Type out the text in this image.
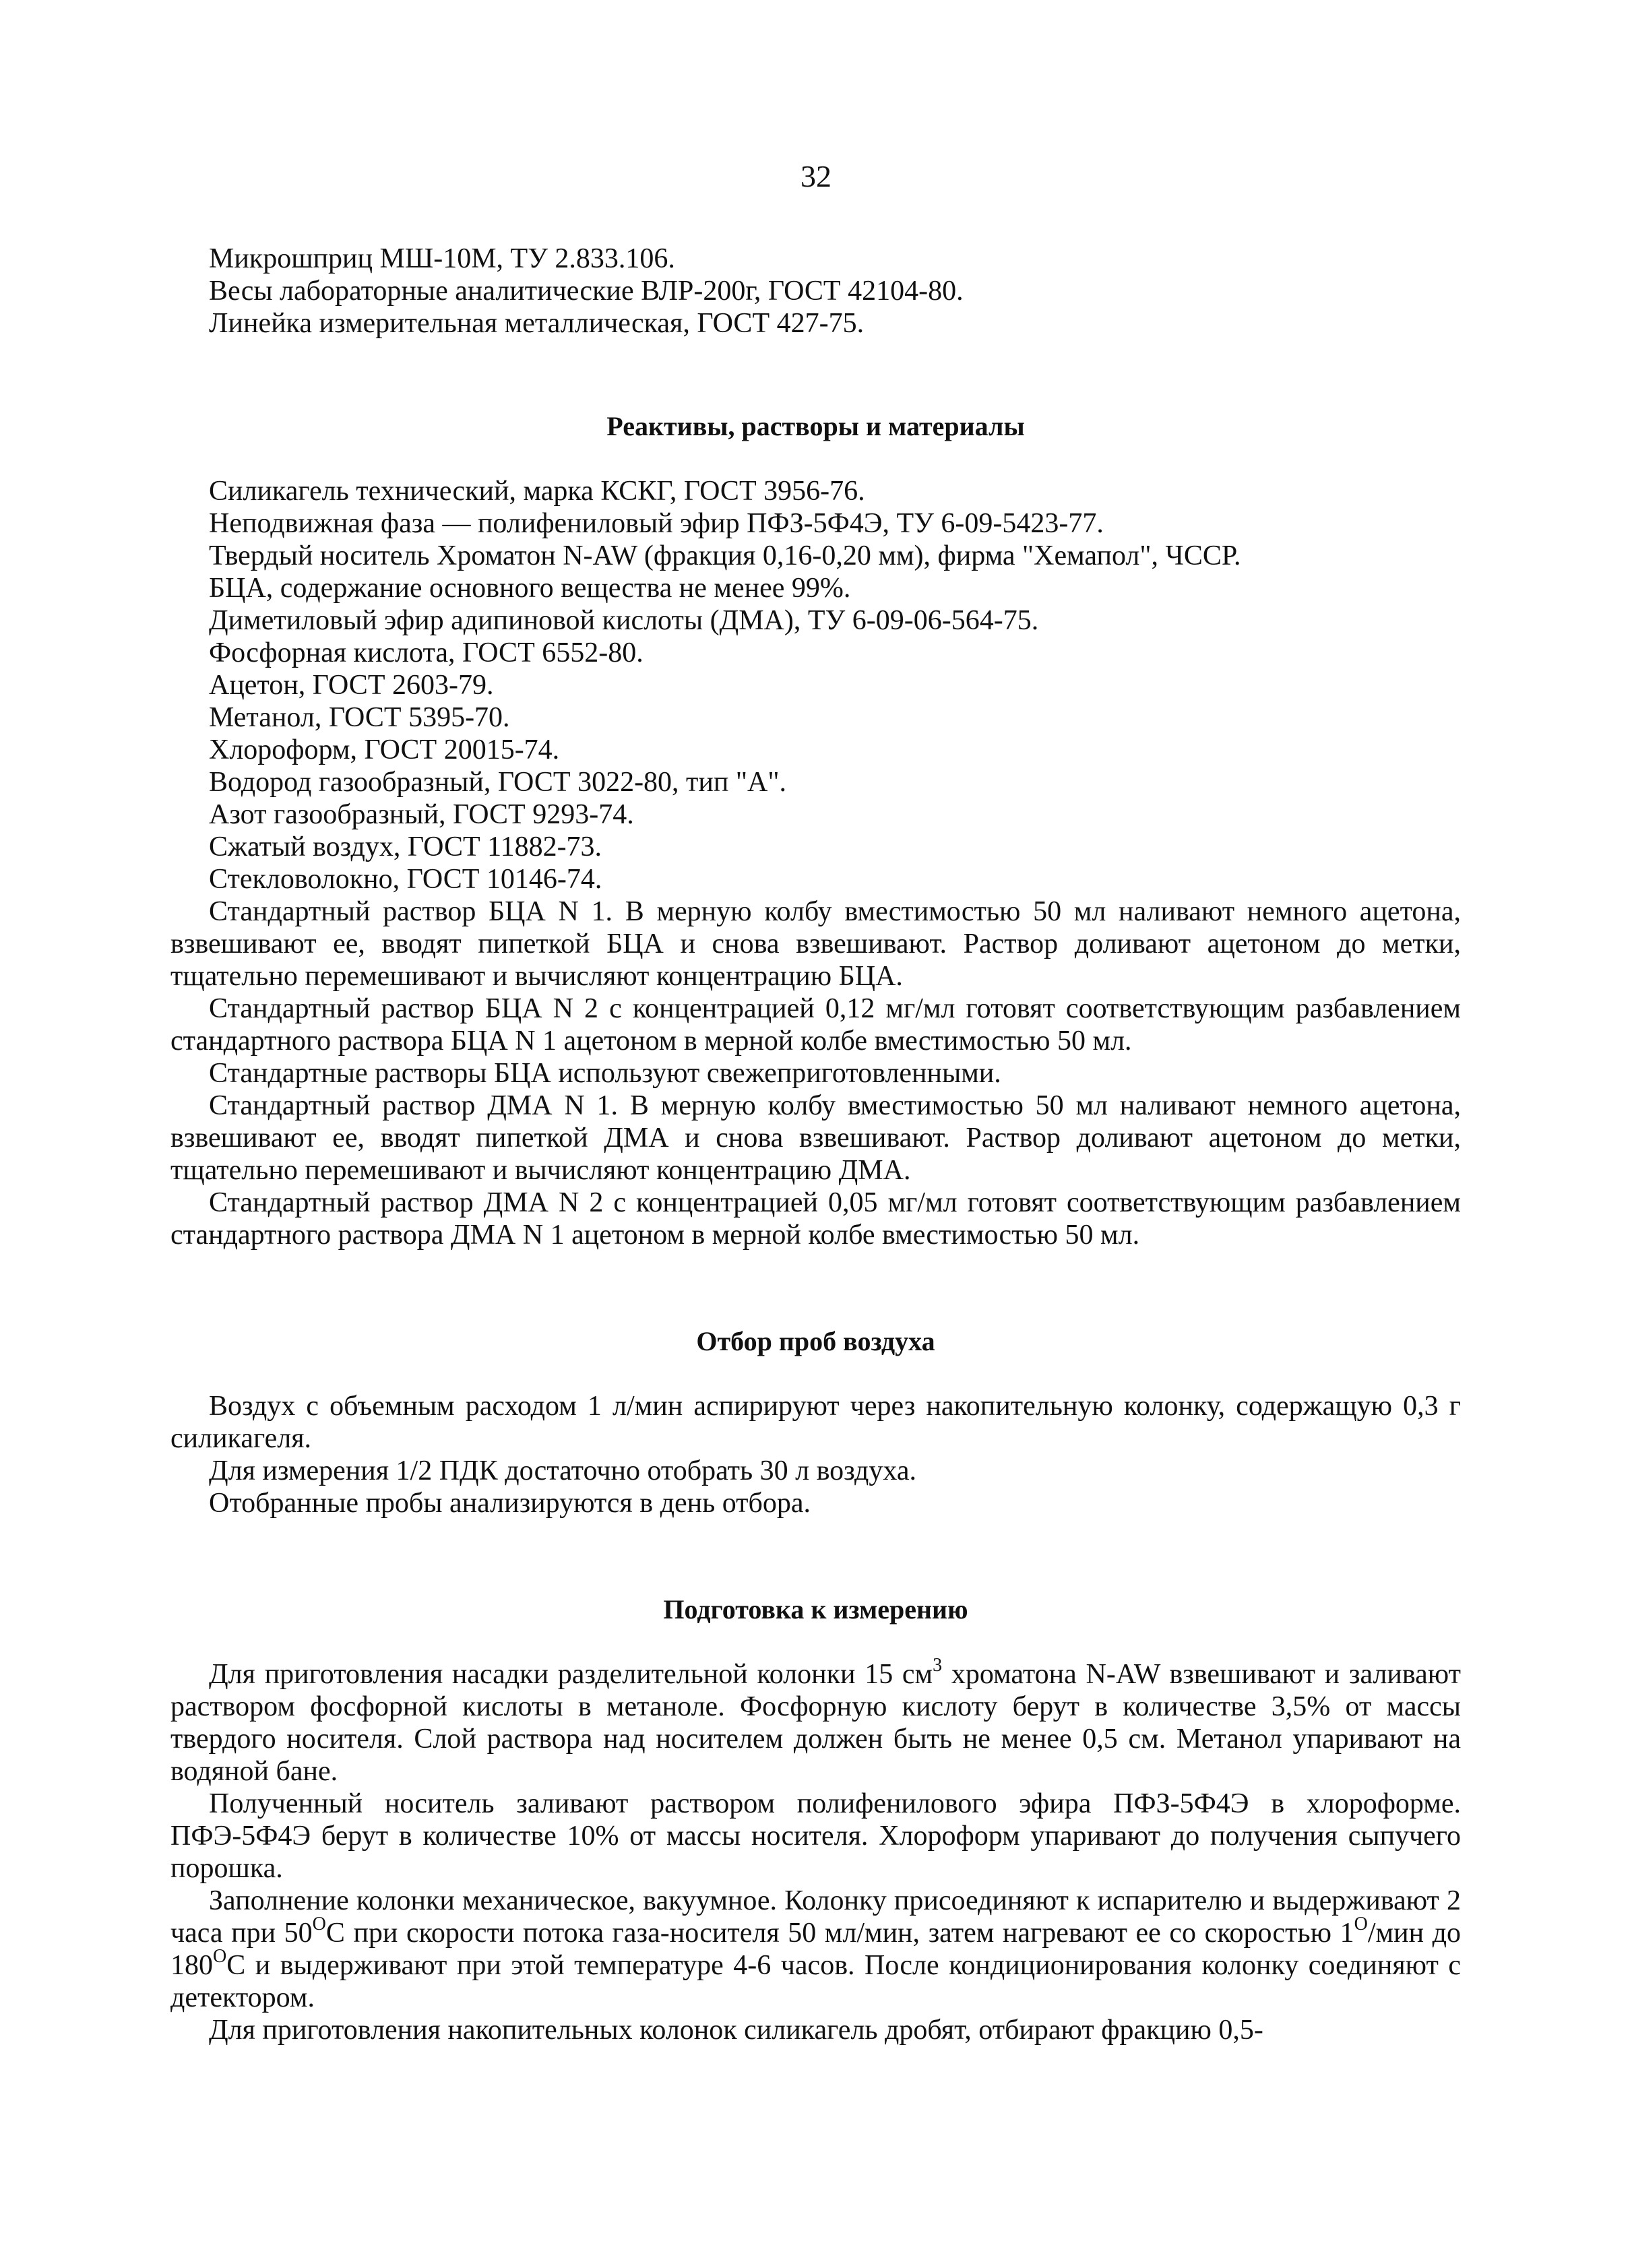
32

Микрошприц МШ-10М, ТУ 2.833.106.

Весы лабораторные аналитические ВЛР-200г, ГОСТ 42104-80.

Линейка измерительная металлическая, ГОСТ 427-75.

Реактивы, растворы и материалы

Силикагель технический, марка КСКГ, ГОСТ 3956-76.

Неподвижная фаза — полифениловый эфир ПФЗ-5Ф4Э, ТУ 6-09-5423-77.

Твердый носитель Хроматон N-AW (фракция 0,16-0,20 мм), фирма "Хемапол", ЧССР.

БЦА, содержание основного вещества не менее 99%.

Диметиловый эфир адипиновой кислоты (ДМА), ТУ 6-09-06-564-75.

Фосфорная кислота, ГОСТ 6552-80.

Ацетон, ГОСТ 2603-79.

Метанол, ГОСТ 5395-70.

Хлороформ, ГОСТ 20015-74.

Водород газообразный, ГОСТ 3022-80, тип "А".

Азот газообразный, ГОСТ 9293-74.

Сжатый воздух, ГОСТ 11882-73.

Стекловолокно, ГОСТ 10146-74.

Стандартный раствор БЦА N 1. В мерную колбу вместимостью 50 мл наливают немного ацетона, взвешивают ее, вводят пипеткой БЦА и снова взвешивают. Раствор доливают ацетоном до метки, тщательно перемешивают и вычисляют концентрацию БЦА.

Стандартный раствор БЦА N 2 с концентрацией 0,12 мг/мл готовят соответствующим разбавлением стандартного раствора БЦА N 1 ацетоном в мерной колбе вместимостью 50 мл.

Стандартные растворы БЦА используют свежеприготовленными.

Стандартный раствор ДМА N 1. В мерную колбу вместимостью 50 мл наливают немного ацетона, взвешивают ее, вводят пипеткой ДМА и снова взвешивают. Раствор доливают ацетоном до метки, тщательно перемешивают и вычисляют концентрацию ДМА.

Стандартный раствор ДМА N 2 с концентрацией 0,05 мг/мл готовят соответствующим разбавлением стандартного раствора ДМА N 1 ацетоном в мерной колбе вместимостью 50 мл.

Отбор проб воздуха

Воздух с объемным расходом 1 л/мин аспирируют через накопительную колонку, содержащую 0,3 г силикагеля.

Для измерения 1/2 ПДК достаточно отобрать 30 л воздуха.

Отобранные пробы анализируются в день отбора.

Подготовка к измерению

Для приготовления насадки разделительной колонки 15 $см^3$ хроматона N-AW взвешивают и заливают раствором фосфорной кислоты в метаноле. Фосфорную кислоту берут в количестве 3,5% от массы твердого носителя. Слой раствора над носителем должен быть не менее 0,5 см. Метанол упаривают на водяной бане.

Полученный носитель заливают раствором полифенилового эфира ПФЗ-5Ф4Э в хлороформе. ПФЭ-5Ф4Э берут в количестве 10% от массы носителя. Хлороформ упаривают до получения сыпучего порошка.

Заполнение колонки механическое, вакуумное. Колонку присоединяют к испарителю и выдерживают 2 часа при $50^ОС$ при скорости потока газа-носителя 50 мл/мин, затем нагревают ее со скоростью $1^О$/мин до $180^ОС$ и выдерживают при этой температуре 4-6 часов. После кондиционирования колонку соединяют с детектором.

Для приготовления накопительных колонок силикагель дробят, отбирают фракцию 0,5-
